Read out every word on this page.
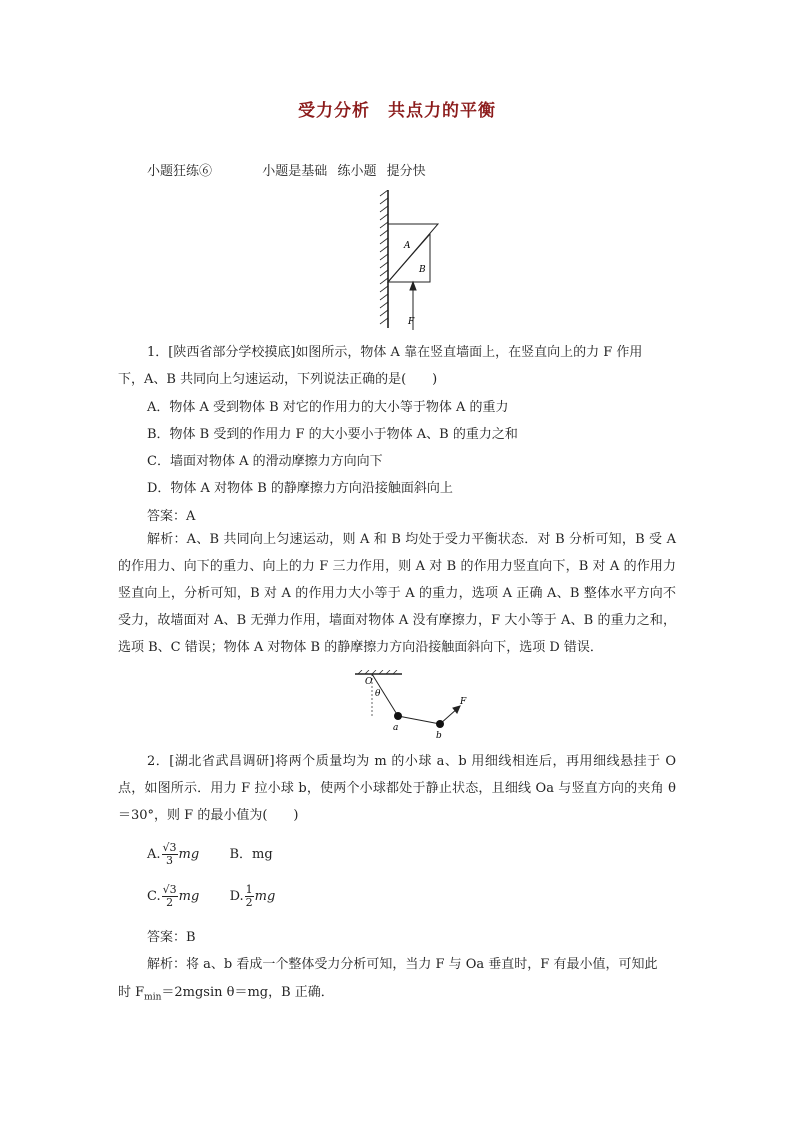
受力分析 共点力的平衡
小题狂练⑥	小题是基础 练小题 提分快
A
B
F
1．[陕西省部分学校摸底]如图所示，物体 A 靠在竖直墙面上，在竖直向上的力 F 作用
下，A、B 共同向上匀速运动，下列说法正确的是(　　)
A．物体 A 受到物体 B 对它的作用力的大小等于物体 A 的重力
B．物体 B 受到的作用力 F 的大小要小于物体 A、B 的重力之和
C．墙面对物体 A 的滑动摩擦力方向向下
D．物体 A 对物体 B 的静摩擦力方向沿接触面斜向上
答案：A
解析：A、B 共同向上匀速运动，则 A 和 B 均处于受力平衡状态．对 B 分析可知，B 受 A 的作用力、向下的重力、向上的力 F 三力作用，则 A 对 B 的作用力竖直向下，B 对 A 的作用力竖直向上，分析可知，B 对 A 的作用力大小等于 A 的重力，选项 A 正确 A、B 整体水平方向不受力，故墙面对 A、B 无弹力作用，墙面对物体 A 没有摩擦力，F 大小等于 A、B 的重力之和，选项 B、C 错误；物体 A 对物体 B 的静摩擦力方向沿接触面斜向下，选项 D 错误．
O
θ
a
b
F
2．[湖北省武昌调研]将两个质量均为 m 的小球 a、b 用细线相连后，再用细线悬挂于 O 点，如图所示．用力 F 拉小球 b，使两个小球都处于静止状态，且细线 Oa 与竖直方向的夹角 θ＝30°，则 F 的最小值为(　　)
A. $\frac{√3}{3}$ mg B．mg
C. $\frac{√3}{2}$ mg D. $\frac{1}{2}$ mg
答案：B
解析：将 a、b 看成一个整体受力分析可知，当力 F 与 Oa 垂直时，F 有最小值，可知此
时 $F_{min}=2mgsin$ θ＝mg，B 正确．
